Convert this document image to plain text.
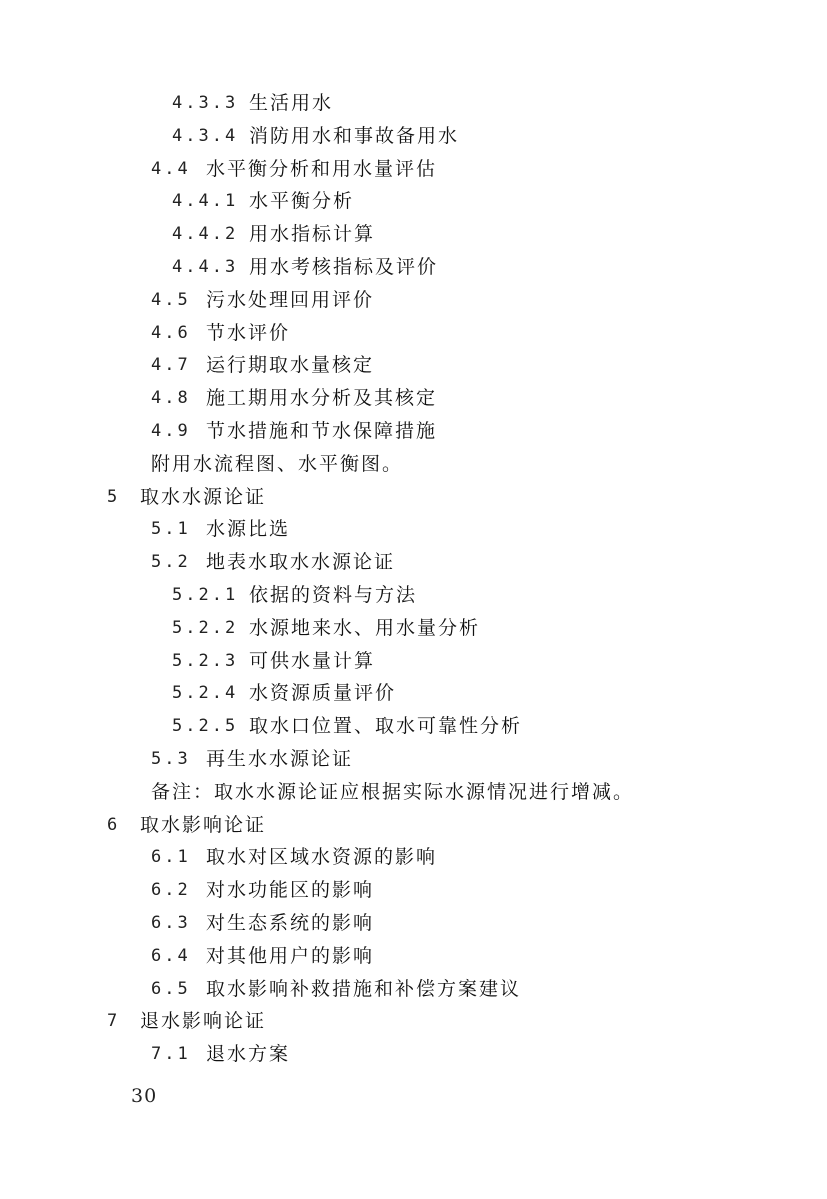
4.3.3 生活用水
4.3.4 消防用水和事故备用水
4.4 水平衡分析和用水量评估
4.4.1 水平衡分析
4.4.2 用水指标计算
4.4.3 用水考核指标及评价
4.5 污水处理回用评价
4.6 节水评价
4.7 运行期取水量核定
4.8 施工期用水分析及其核定
4.9 节水措施和节水保障措施
附用水流程图、水平衡图。
5 取水水源论证
5.1 水源比选
5.2 地表水取水水源论证
5.2.1 依据的资料与方法
5.2.2 水源地来水、用水量分析
5.2.3 可供水量计算
5.2.4 水资源质量评价
5.2.5 取水口位置、取水可靠性分析
5.3 再生水水源论证
备注：取水水源论证应根据实际水源情况进行增减。
6 取水影响论证
6.1 取水对区域水资源的影响
6.2 对水功能区的影响
6.3 对生态系统的影响
6.4 对其他用户的影响
6.5 取水影响补救措施和补偿方案建议
7 退水影响论证
7.1 退水方案
30
